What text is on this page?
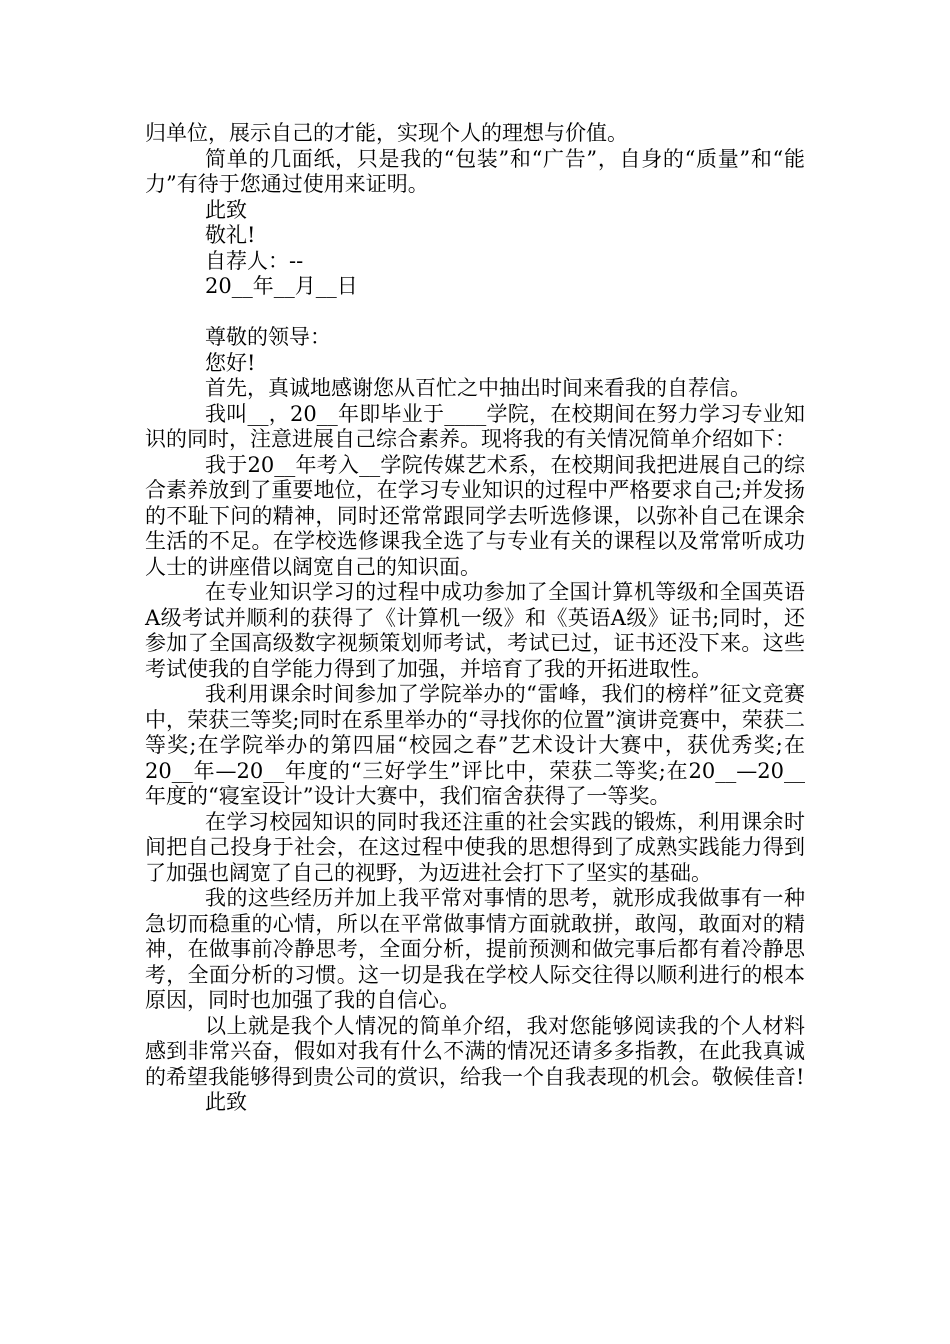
归单位，展示自己的才能，实现个人的理想与价值。

简单的几面纸，只是我的“包装”和“广告”，自身的“质量”和“能力”有待于您通过使用来证明。

此致

敬礼!

自荐人：--

20__年__月__日

尊敬的领导：

您好!

首先，真诚地感谢您从百忙之中抽出时间来看我的自荐信。

我叫__，20__年即毕业于____学院，在校期间在努力学习专业知识的同时，注意进展自己综合素养。现将我的有关情况简单介绍如下：

我于20__年考入__学院传媒艺术系，在校期间我把进展自己的综合素养放到了重要地位，在学习专业知识的过程中严格要求自己;并发扬的不耻下问的精神，同时还常常跟同学去听选修课，以弥补自己在课余生活的不足。在学校选修课我全选了与专业有关的课程以及常常听成功人士的讲座借以阔宽自己的知识面。

在专业知识学习的过程中成功参加了全国计算机等级和全国英语A级考试并顺利的获得了《计算机一级》和《英语A级》证书;同时，还参加了全国高级数字视频策划师考试，考试已过，证书还没下来。这些考试使我的自学能力得到了加强，并培育了我的开拓进取性。

我利用课余时间参加了学院举办的“雷峰，我们的榜样”征文竞赛中，荣获三等奖;同时在系里举办的“寻找你的位置”演讲竞赛中，荣获二等奖;在学院举办的第四届“校园之春”艺术设计大赛中，获优秀奖;在20__年—20__年度的“三好学生”评比中，荣获二等奖;在20__—20__年度的“寝室设计”设计大赛中，我们宿舍获得了一等奖。

在学习校园知识的同时我还注重的社会实践的锻炼，利用课余时间把自己投身于社会，在这过程中使我的思想得到了成熟实践能力得到了加强也阔宽了自己的视野，为迈进社会打下了坚实的基础。

我的这些经历并加上我平常对事情的思考，就形成我做事有一种急切而稳重的心情，所以在平常做事情方面就敢拼，敢闯，敢面对的精神，在做事前冷静思考，全面分析，提前预测和做完事后都有着冷静思考，全面分析的习惯。这一切是我在学校人际交往得以顺利进行的根本原因，同时也加强了我的自信心。

以上就是我个人情况的简单介绍，我对您能够阅读我的个人材料感到非常兴奋，假如对我有什么不满的情况还请多多指教，在此我真诚的希望我能够得到贵公司的赏识，给我一个自我表现的机会。敬候佳音!

此致
